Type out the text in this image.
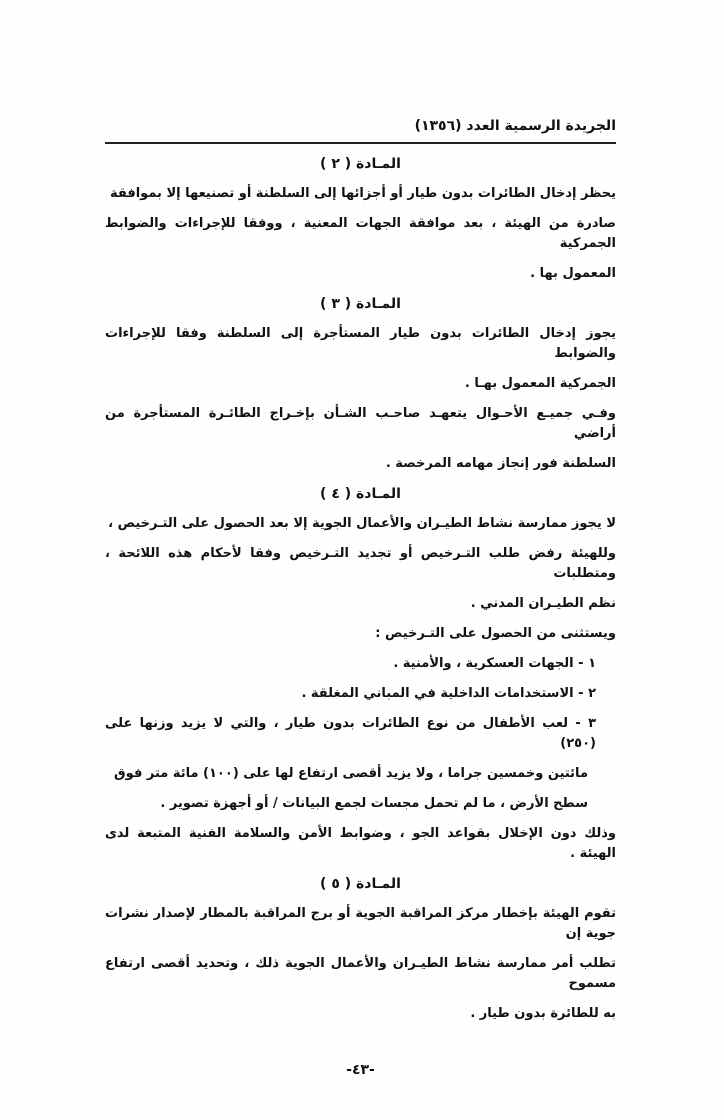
الجريدة الرسمية العدد (١٣٥٦)
المـادة ( ٢ )
يحظر إدخال الطائرات بدون طيار أو أجزائها إلى السلطنة أو تصنيعها إلا بموافقة
صادرة من الهيئة ، بعد موافقة الجهات المعنية ، ووفقا للإجراءات والضوابط الجمركية
المعمول بها .
المـادة ( ٣ )
يجوز إدخال الطائرات بدون طيار المستأجرة إلى السلطنة وفقا للإجراءات والضوابط
الجمركية المعمول بهـا .
وفـي جميـع الأحـوال يتعهـد صاحـب الشـأن بإخـراج الطائـرة المستأجرة من أراضي
السلطنة فور إنجاز مهامه المرخصة .
المـادة ( ٤ )
لا يجوز ممارسة نشاط الطيـران والأعمال الجوية إلا بعد الحصول على التـرخيص ،
وللهيئة رفض طلب التـرخيص أو تجديد التـرخيص وفقا لأحكام هذه اللائحة ، ومتطلبات
نظم الطيـران المدني .
ويستثنى من الحصول على التـرخيص :
١ - الجهات العسكرية ، والأمنية .
٢ - الاستخدامات الداخلية في المباني المغلقة .
٣ - لعب الأطفال من نوع الطائرات بدون طيار ، والتي لا يزيد وزنها على (٢٥٠)
مائتين وخمسين جراما ، ولا يزيد أقصى ارتفاع لها على (١٠٠) مائة متر فوق
سطح الأرض ، ما لم تحمل مجسات لجمع البيانات / أو أجهزة تصوير .
وذلك دون الإخلال بقواعد الجو ، وضوابط الأمن والسلامة الفنية المتبعة لدى الهيئة .
المـادة ( ٥ )
تقوم الهيئة بإخطار مركز المراقبة الجوية أو برج المراقبة بالمطار لإصدار نشرات جوية إن
تطلب أمر ممارسة نشاط الطيـران والأعمال الجوية ذلك ، وتحديد أقصى ارتفاع مسموح
به للطائرة بدون طيار .
-٤٣-
